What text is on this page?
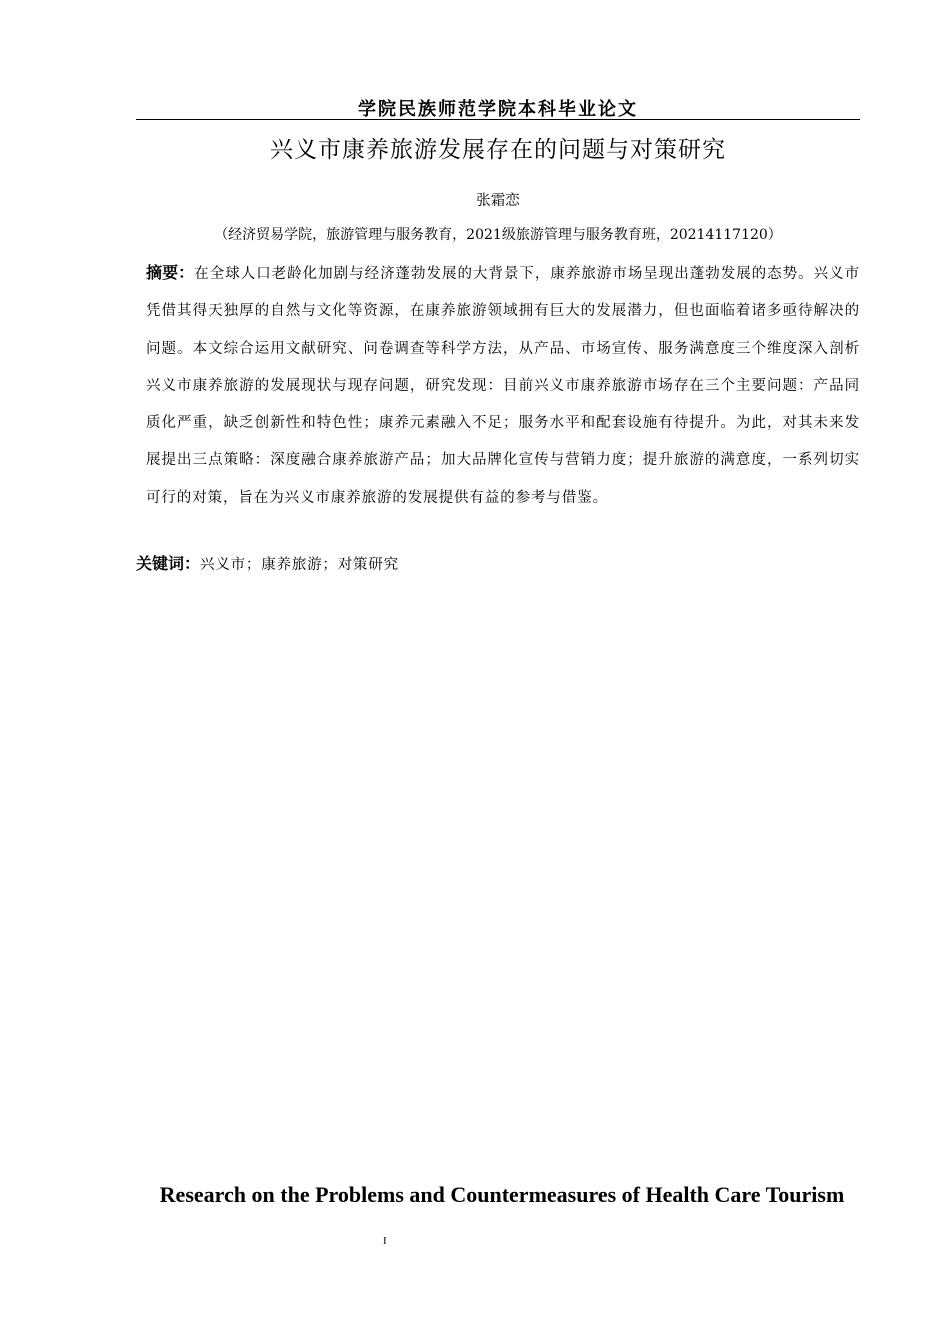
学院民族师范学院本科毕业论文
兴义市康养旅游发展存在的问题与对策研究
张霜恋
（经济贸易学院，旅游管理与服务教育，2021级旅游管理与服务教育班，20214117120）
摘要：在全球人口老龄化加剧与经济蓬勃发展的大背景下，康养旅游市场呈现出蓬勃发展的态势。兴义市凭借其得天独厚的自然与文化等资源，在康养旅游领域拥有巨大的发展潜力，但也面临着诸多亟待解决的问题。本文综合运用文献研究、问卷调查等科学方法，从产品、市场宣传、服务满意度三个维度深入剖析兴义市康养旅游的发展现状与现存问题，研究发现：目前兴义市康养旅游市场存在三个主要问题：产品同质化严重，缺乏创新性和特色性；康养元素融入不足；服务水平和配套设施有待提升。为此，对其未来发展提出三点策略：深度融合康养旅游产品；加大品牌化宣传与营销力度；提升旅游的满意度，一系列切实可行的对策，旨在为兴义市康养旅游的发展提供有益的参考与借鉴。
关键词：兴义市；康养旅游；对策研究
Research on the Problems and Countermeasures of Health Care Tourism
I
